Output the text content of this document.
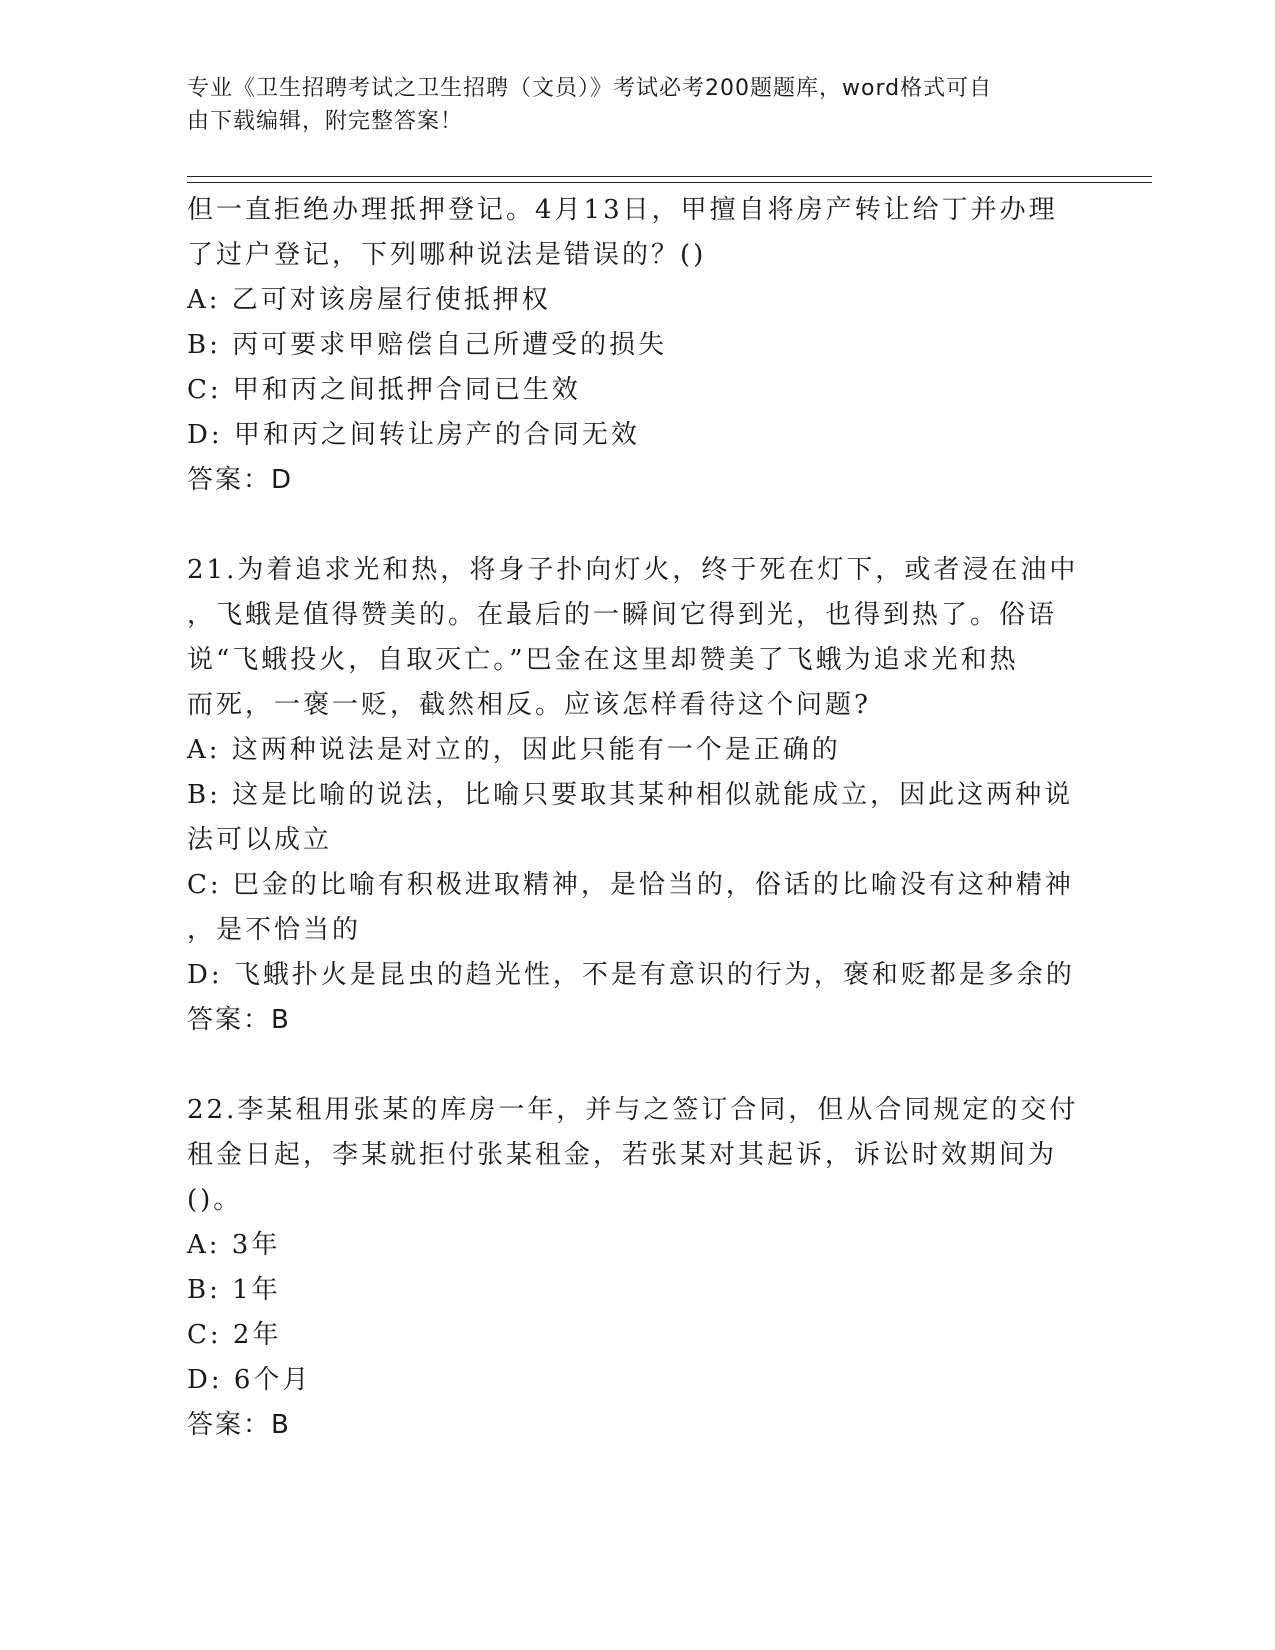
专业《卫生招聘考试之卫生招聘（文员）》考试必考200题题库，word格式可自
由下载编辑，附完整答案！
但一直拒绝办理抵押登记。4月13日，甲擅自将房产转让给丁并办理
了过户登记，下列哪种说法是错误的？()
A: 乙可对该房屋行使抵押权
B: 丙可要求甲赔偿自己所遭受的损失
C: 甲和丙之间抵押合同已生效
D: 甲和丙之间转让房产的合同无效
答案：D
21.为着追求光和热，将身子扑向灯火，终于死在灯下，或者浸在油中
，飞蛾是值得赞美的。在最后的一瞬间它得到光，也得到热了。俗语
说“飞蛾投火，自取灭亡。”巴金在这里却赞美了飞蛾为追求光和热
而死，一褒一贬，截然相反。应该怎样看待这个问题?
A: 这两种说法是对立的，因此只能有一个是正确的
B: 这是比喻的说法，比喻只要取其某种相似就能成立，因此这两种说
法可以成立
C: 巴金的比喻有积极进取精神，是恰当的，俗话的比喻没有这种精神
，是不恰当的
D: 飞蛾扑火是昆虫的趋光性，不是有意识的行为，褒和贬都是多余的
答案：B
22.李某租用张某的库房一年，并与之签订合同，但从合同规定的交付
租金日起，李某就拒付张某租金，若张某对其起诉，诉讼时效期间为
()。
A: 3年
B: 1年
C: 2年
D: 6个月
答案：B
